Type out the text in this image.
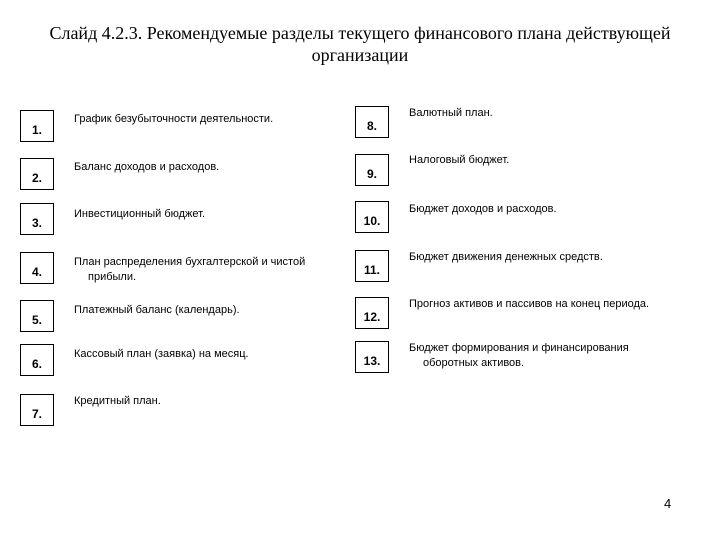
Слайд 4.2.3. Рекомендуемые разделы текущего финансового плана действующей
организации
1.
График безубыточности деятельности.
2.
Баланс доходов и расходов.
3.
Инвестиционный бюджет.
4.
План распределения бухгалтерской и чистой
прибыли.
5.
Платежный баланс (календарь).
6.
Кассовый план (заявка) на месяц.
7.
Кредитный план.
8.
Валютный план.
9.
Налоговый бюджет.
10.
Бюджет доходов и расходов.
11.
Бюджет движения денежных средств.
12.
Прогноз активов и пассивов на конец периода.
13.
Бюджет формирования и финансирования
оборотных активов.
4
